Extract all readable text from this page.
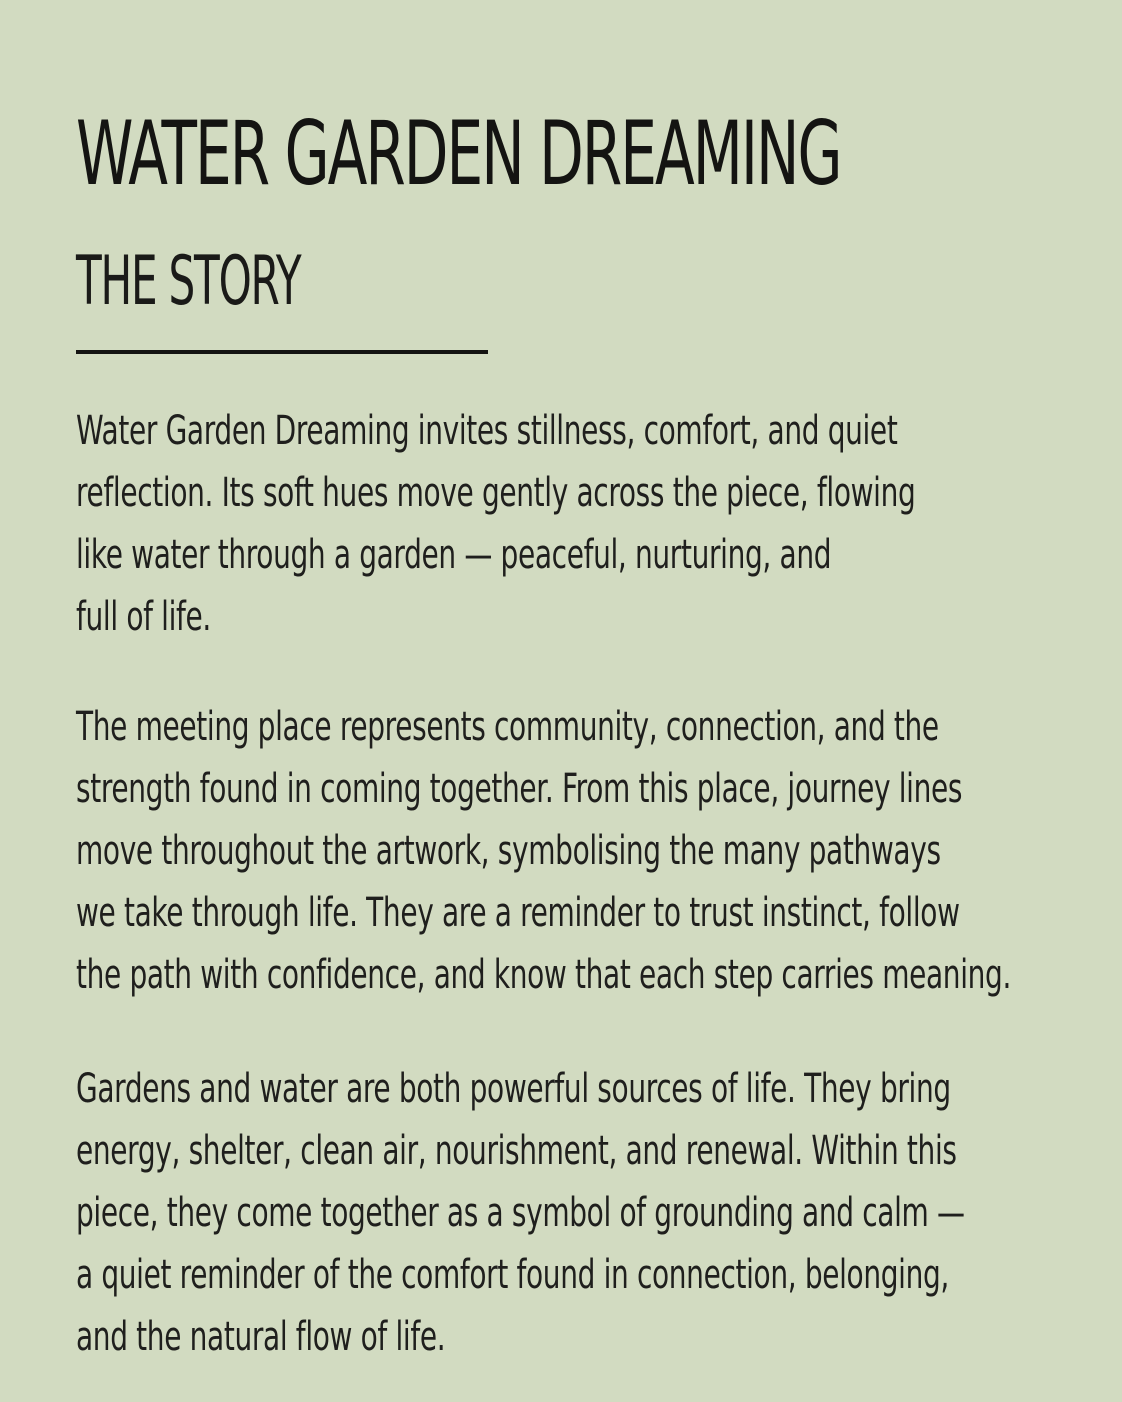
WATER GARDEN DREAMING
THE STORY

Water Garden Dreaming invites stillness, comfort, and quiet
reflection. Its soft hues move gently across the piece, flowing
like water through a garden — peaceful, nurturing, and
full of life.

The meeting place represents community, connection, and the
strength found in coming together. From this place, journey lines
move throughout the artwork, symbolising the many pathways
we take through life. They are a reminder to trust instinct, follow
the path with confidence, and know that each step carries meaning.

Gardens and water are both powerful sources of life. They bring
energy, shelter, clean air, nourishment, and renewal. Within this
piece, they come together as a symbol of grounding and calm —
a quiet reminder of the comfort found in connection, belonging,
and the natural flow of life.
